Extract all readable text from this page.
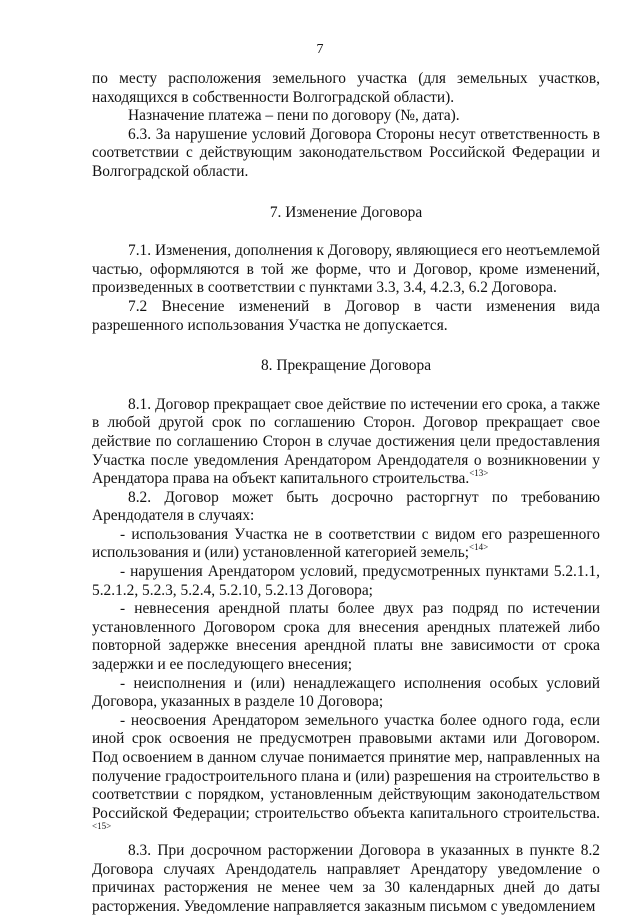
7

по месту расположения земельного участка (для земельных участков, находящихся в собственности Волгоградской области).

Назначение платежа – пени по договору (№, дата).

6.3. За нарушение условий Договора Стороны несут ответственность в соответствии с действующим законодательством Российской Федерации и Волгоградской области.

7. Изменение Договора

7.1. Изменения, дополнения к Договору, являющиеся его неотъемлемой частью, оформляются в той же форме, что и Договор, кроме изменений, произведенных в соответствии с пунктами 3.3, 3.4, 4.2.3, 6.2 Договора.

7.2 Внесение изменений в Договор в части изменения вида разрешенного использования Участка не допускается.

8. Прекращение Договора

8.1. Договор прекращает свое действие по истечении его срока, а также в любой другой срок по соглашению Сторон. Договор прекращает свое действие по соглашению Сторон в случае достижения цели предоставления Участка после уведомления Арендатором Арендодателя о возникновении у Арендатора права на объект капитального строительства.$^{<13>}$

8.2. Договор может быть досрочно расторгнут по требованию Арендодателя в случаях:

- использования Участка не в соответствии с видом его разрешенного использования и (или) установленной категорией земель;$^{<14>}$

- нарушения Арендатором условий, предусмотренных пунктами 5.2.1.1, 5.2.1.2, 5.2.3, 5.2.4, 5.2.10, 5.2.13 Договора;

- невнесения арендной платы более двух раз подряд по истечении установленного Договором срока для внесения арендных платежей либо повторной задержке внесения арендной платы вне зависимости от срока задержки и ее последующего внесения;

- неисполнения и (или) ненадлежащего исполнения особых условий Договора, указанных в разделе 10 Договора;

- неосвоения Арендатором земельного участка более одного года, если иной срок освоения не предусмотрен правовыми актами или Договором. Под освоением в данном случае понимается принятие мер, направленных на получение градостроительного плана и (или) разрешения на строительство в соответствии с порядком, установленным действующим законодательством Российской Федерации; строительство объекта капитального строительства.$^{<15>}$

8.3. При досрочном расторжении Договора в указанных в пункте 8.2 Договора случаях Арендодатель направляет Арендатору уведомление о причинах расторжения не менее чем за 30 календарных дней до даты расторжения. Уведомление направляется заказным письмом с уведомлением
